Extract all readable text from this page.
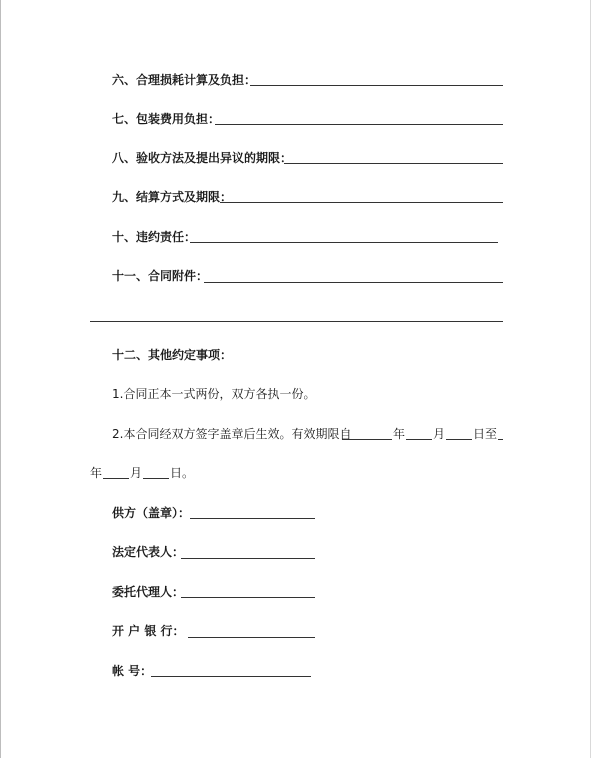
六、合理损耗计算及负担：
七、包装费用负担：
八、验收方法及提出异议的期限：
九、结算方式及期限：
十、违约责任：
十一、合同附件：
十二、其他约定事项：
1.合同正本一式两份，双方各执一份。
2.本合同经双方签字盖章后生效。有效期限自	年 月 日至
年 月 日。
供方（盖章）：
法定代表人：
委托代理人：
开 户 银 行：
帐 号：
